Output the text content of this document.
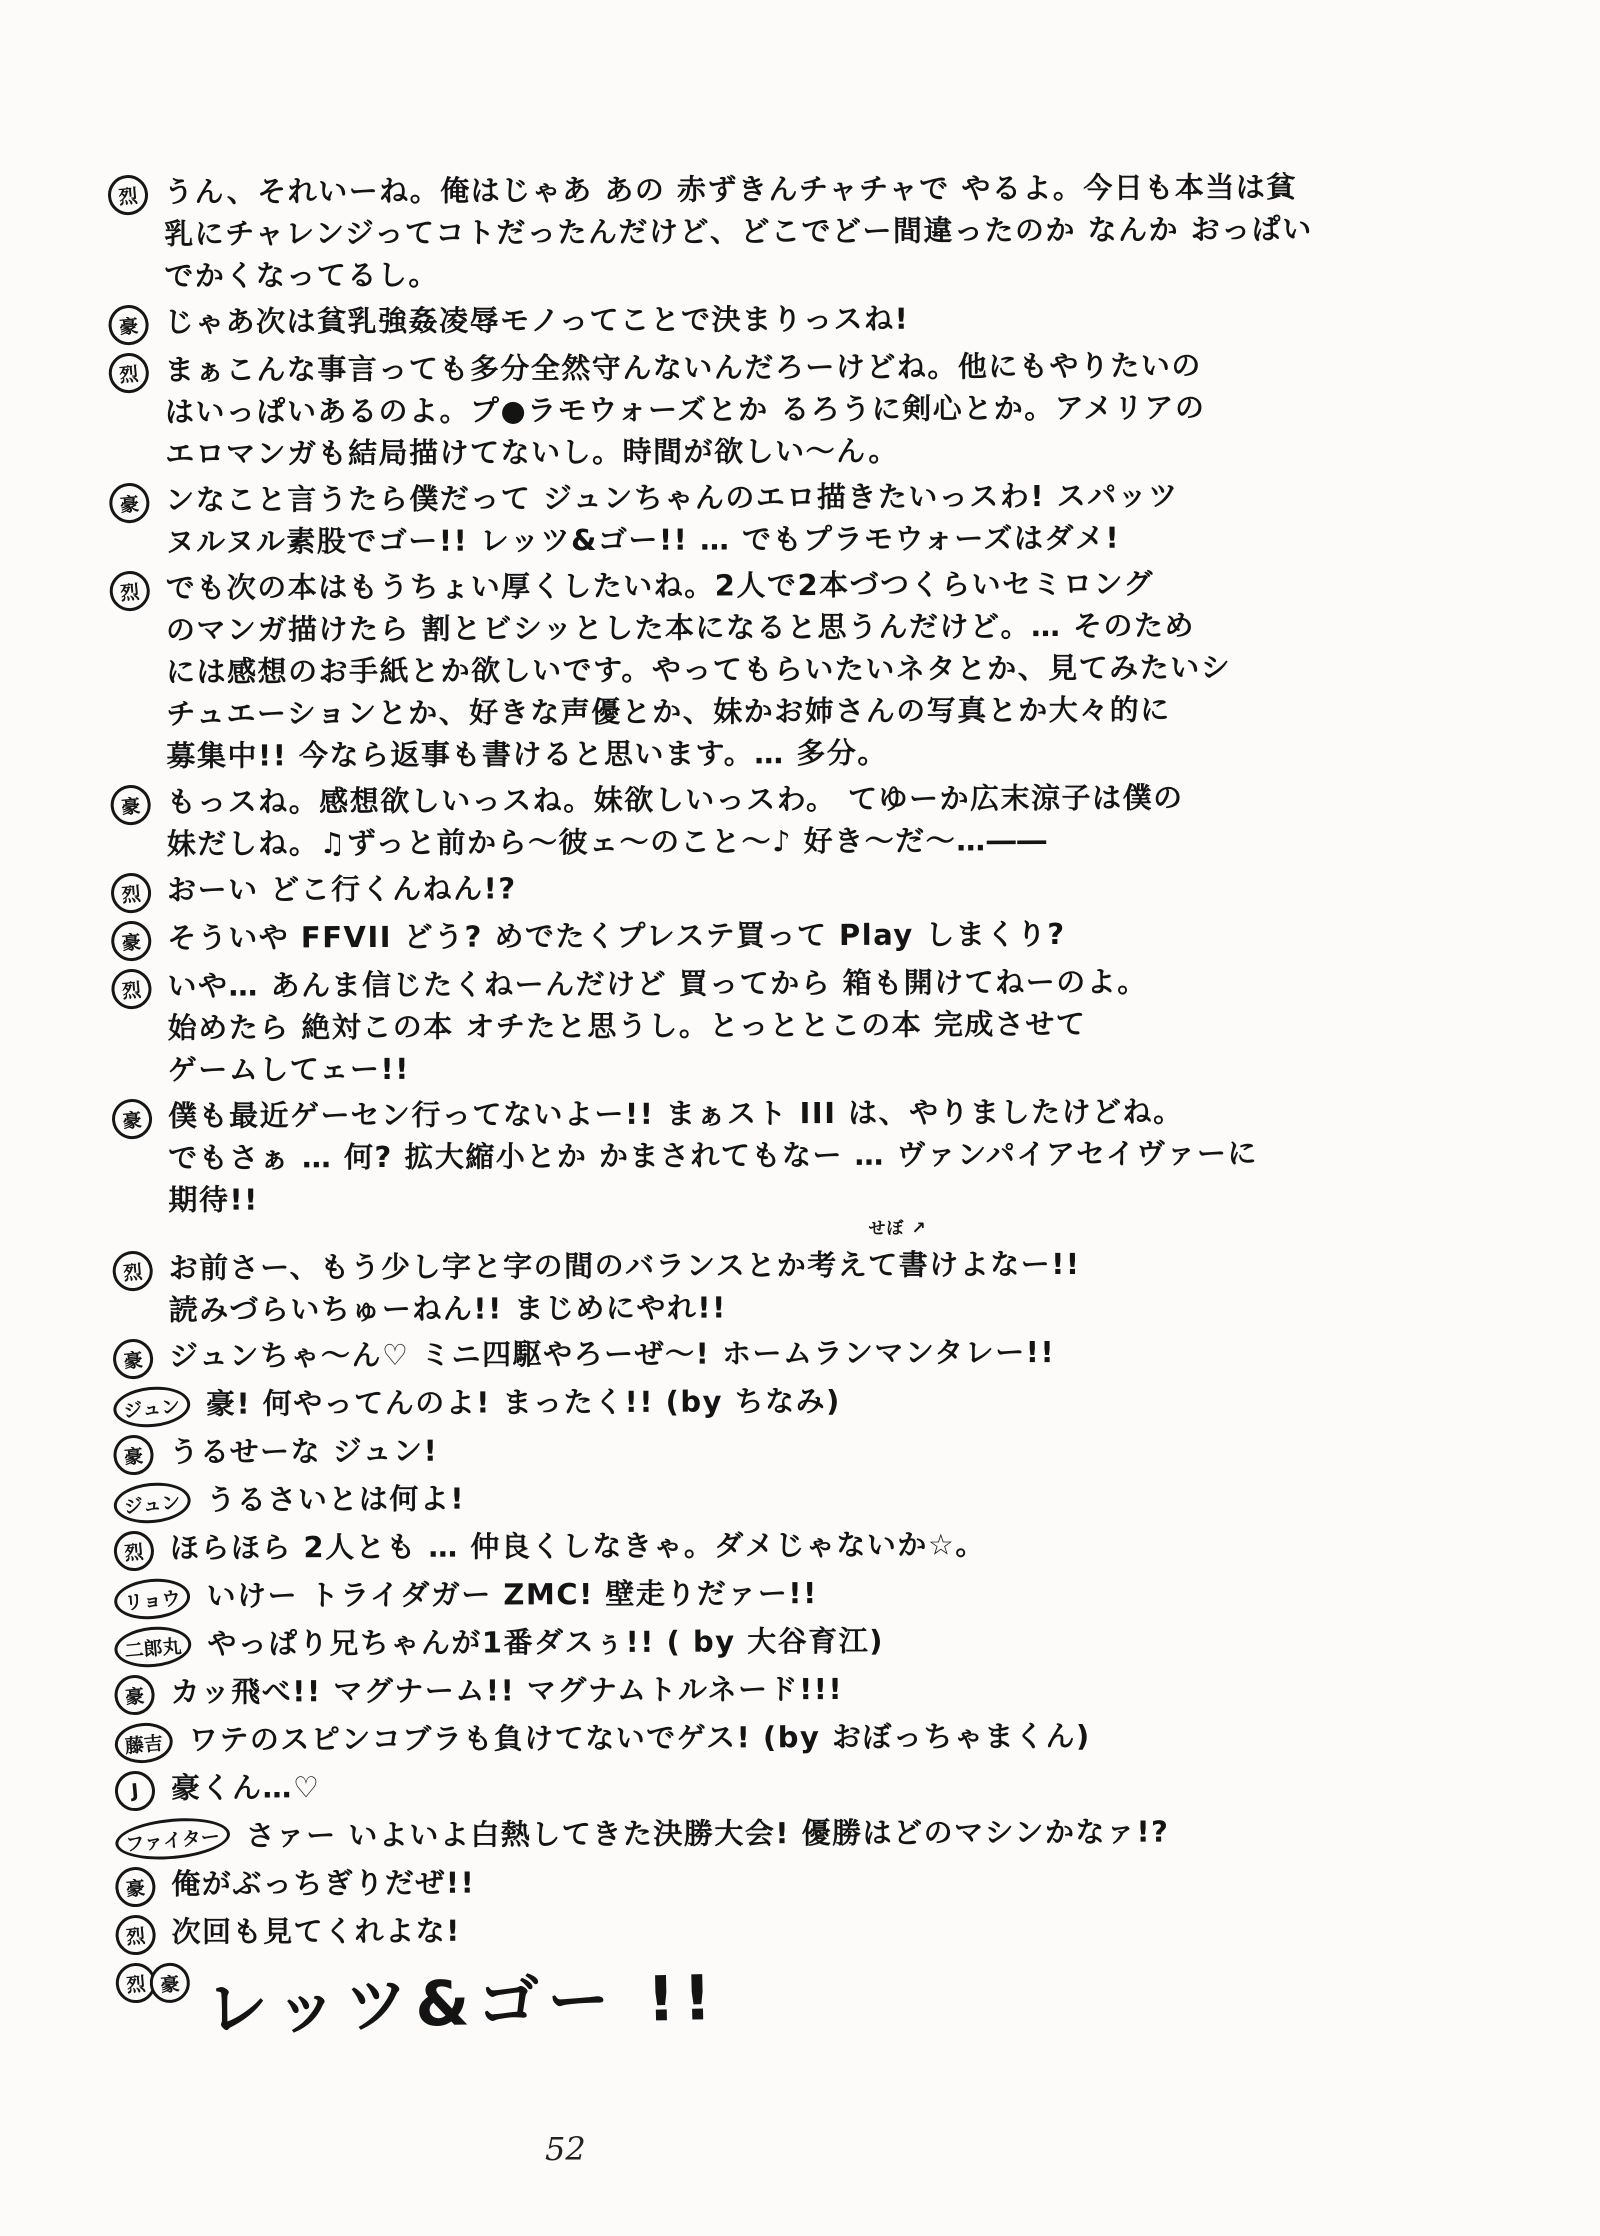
烈 うん、それいーね。俺はじゃあ あの 赤ずきんチャチャで やるよ。今日も本当は貧
乳にチャレンジってコトだったんだけど、どこでどー間違ったのか なんか おっぱい
でかくなってるし。
豪 じゃあ次は貧乳強姦凌辱モノってことで決まりっスね!
烈 まぁこんな事言っても多分全然守んないんだろーけどね。他にもやりたいの
はいっぱいあるのよ。プ●ラモウォーズとか るろうに剣心とか。アメリアの
エロマンガも結局描けてないし。時間が欲しい〜ん。
豪 ンなこと言うたら僕だって ジュンちゃんのエロ描きたいっスわ! スパッツ
ヌルヌル素股でゴー!! レッツ&ゴー!! … でもプラモウォーズはダメ!
烈 でも次の本はもうちょい厚くしたいね。2人で2本づつくらいセミロング
のマンガ描けたら 割とビシッとした本になると思うんだけど。… そのため
には感想のお手紙とか欲しいです。やってもらいたいネタとか、見てみたいシ
チュエーションとか、好きな声優とか、妹かお姉さんの写真とか大々的に
募集中!! 今なら返事も書けると思います。… 多分。
豪 もっスね。感想欲しいっスね。妹欲しいっスわ。 てゆーか広末涼子は僕の
妹だしね。♫ずっと前から〜彼ェ〜のこと〜♪ 好き〜だ〜…――
烈 おーい どこ行くんねん!?
豪 そういや FFVII どう? めでたくプレステ買って Play しまくり?
烈 いや… あんま信じたくねーんだけど 買ってから 箱も開けてねーのよ。
始めたら 絶対この本 オチたと思うし。とっととこの本 完成させて
ゲームしてェー!!
豪 僕も最近ゲーセン行ってないよー!! まぁスト III は、やりましたけどね。
でもさぁ … 何? 拡大縮小とか かまされてもなー … ヴァンパイアセイヴァーに
期待!!
せぼ ↗
烈 お前さー、もう少し字と字の間のバランスとか考えて書けよなー!!
読みづらいちゅーねん!! まじめにやれ!!
豪 ジュンちゃ〜ん♡ ミニ四駆やろーぜ〜! ホームランマンタレー!!
ジュン 豪! 何やってんのよ! まったく!! (by ちなみ)
豪 うるせーな ジュン!
ジュン うるさいとは何よ!
烈 ほらほら 2人とも … 仲良くしなきゃ。ダメじゃないか☆。
リョウ いけー トライダガー ZMC! 壁走りだァー!!
二郎丸 やっぱり兄ちゃんが1番ダスぅ!! ( by 大谷育江)
豪 カッ飛べ!! マグナーム!! マグナムトルネード!!!
藤吉 ワテのスピンコブラも負けてないでゲス! (by おぼっちゃまくん)
J	豪くん…♡
ファイター さァー いよいよ白熱してきた決勝大会! 優勝はどのマシンかなァ!?
豪 俺がぶっちぎりだぜ!!
烈 次回も見てくれよな!
烈 豪 レッツ&ゴー !!
52
